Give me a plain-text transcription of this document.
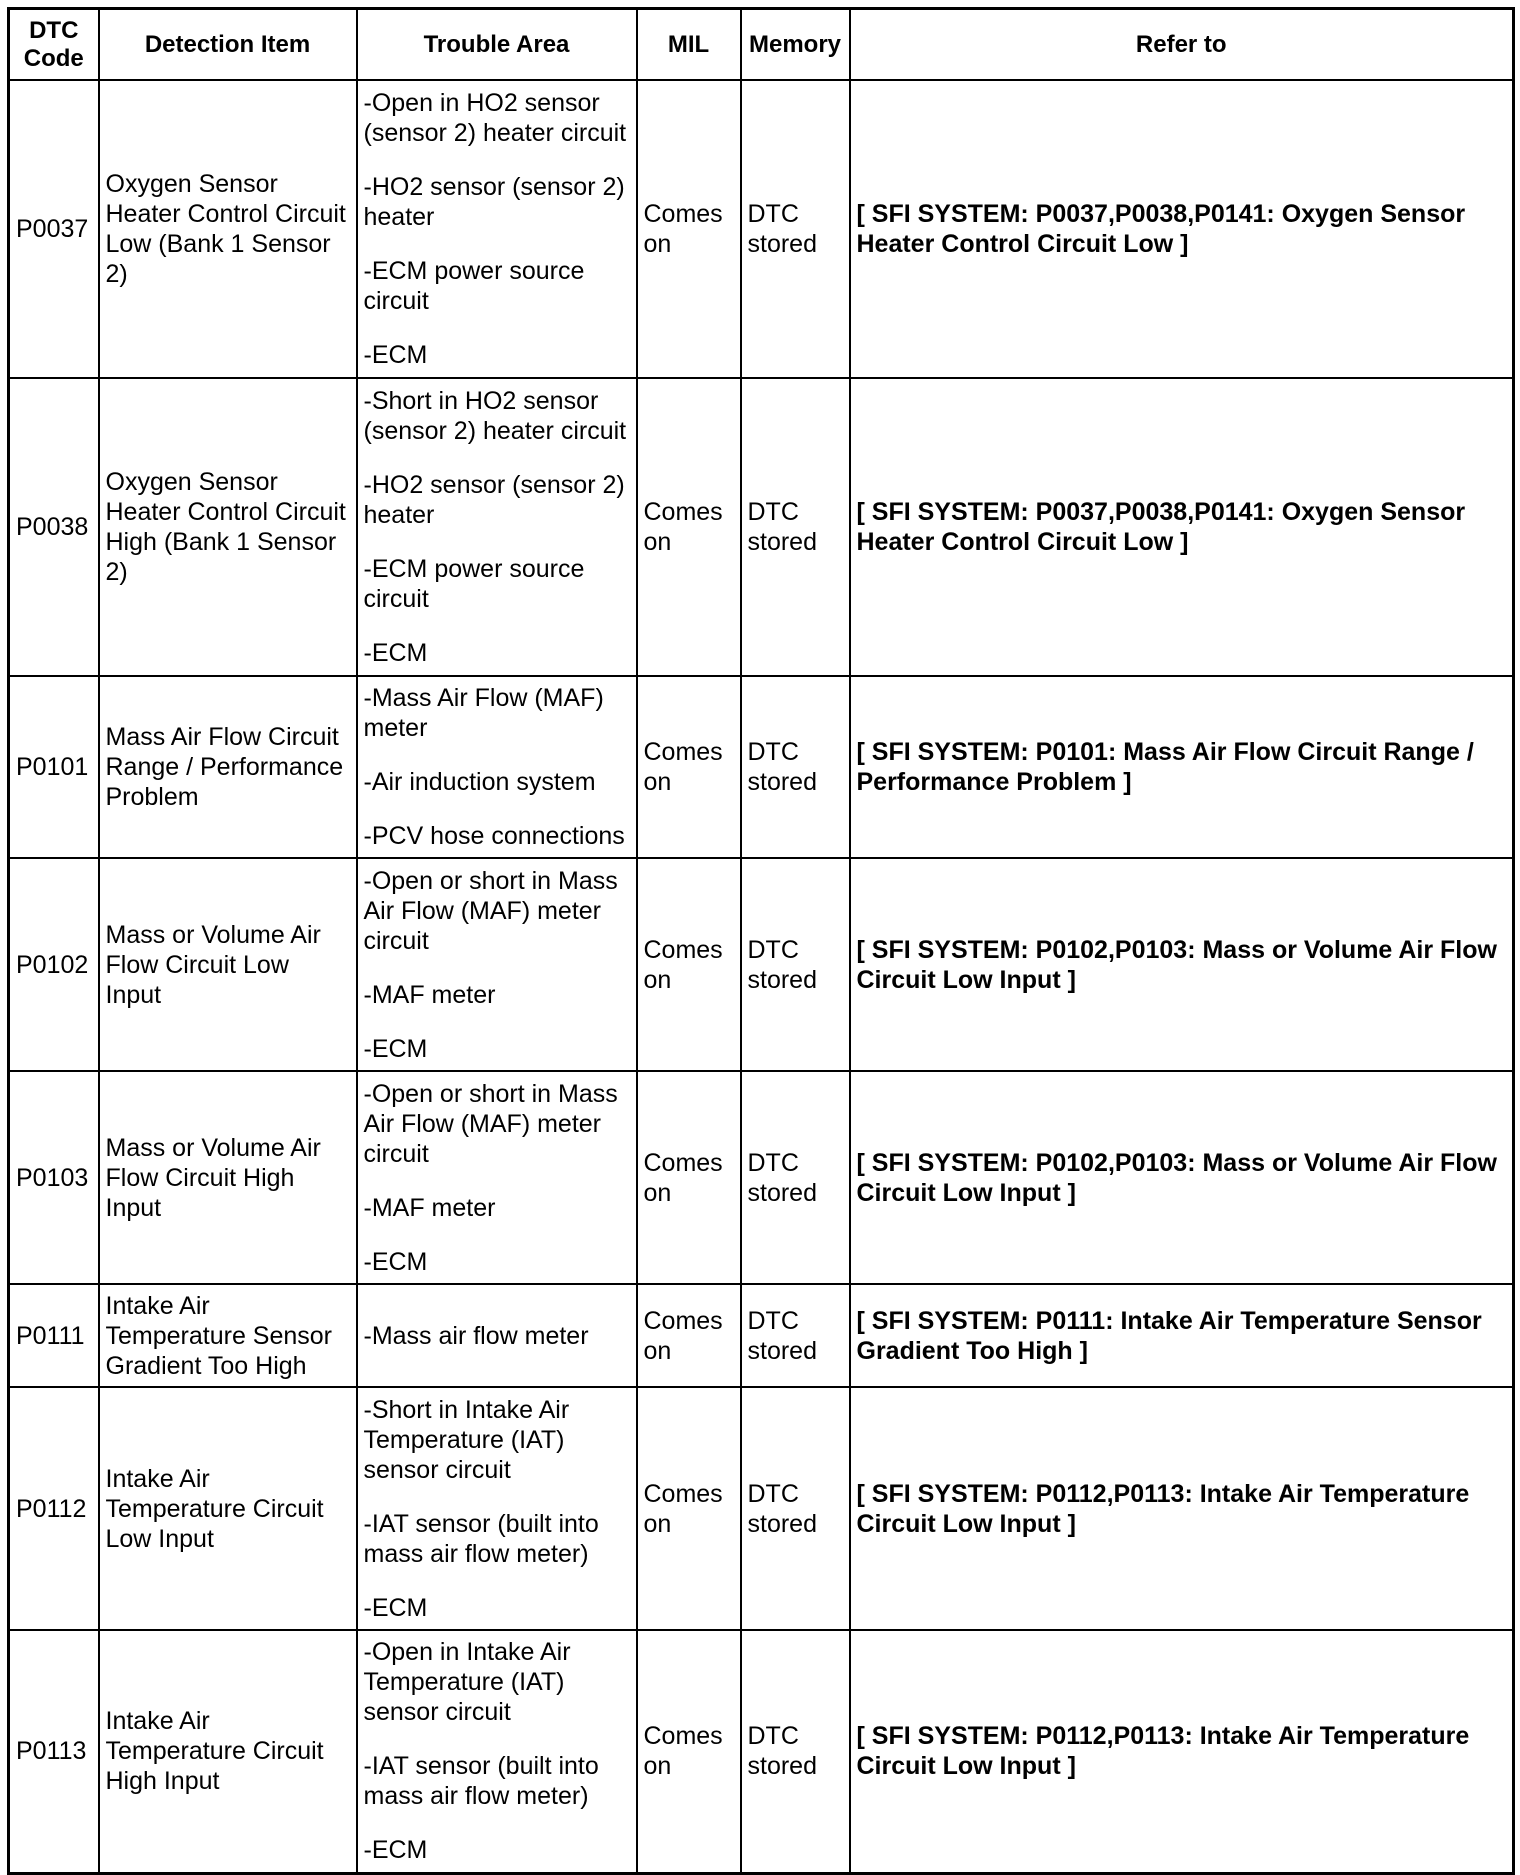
DTC Code	Detection Item	Trouble Area	MIL	Memory	Refer to
P0037	Oxygen Sensor Heater Control Circuit Low (Bank 1 Sensor 2)	-Open in HO2 sensor (sensor 2) heater circuit
-HO2 sensor (sensor 2) heater
-ECM power source circuit
-ECM	Comes on	DTC stored	[ SFI SYSTEM: P0037,P0038,P0141: Oxygen Sensor Heater Control Circuit Low ]
P0038	Oxygen Sensor Heater Control Circuit High (Bank 1 Sensor 2)	-Short in HO2 sensor (sensor 2) heater circuit
-HO2 sensor (sensor 2) heater
-ECM power source circuit
-ECM	Comes on	DTC stored	[ SFI SYSTEM: P0037,P0038,P0141: Oxygen Sensor Heater Control Circuit Low ]
P0101	Mass Air Flow Circuit Range / Performance Problem	-Mass Air Flow (MAF) meter
-Air induction system
-PCV hose connections	Comes on	DTC stored	[ SFI SYSTEM: P0101: Mass Air Flow Circuit Range / Performance Problem ]
P0102	Mass or Volume Air Flow Circuit Low Input	-Open or short in Mass Air Flow (MAF) meter circuit
-MAF meter
-ECM	Comes on	DTC stored	[ SFI SYSTEM: P0102,P0103: Mass or Volume Air Flow Circuit Low Input ]
P0103	Mass or Volume Air Flow Circuit High Input	-Open or short in Mass Air Flow (MAF) meter circuit
-MAF meter
-ECM	Comes on	DTC stored	[ SFI SYSTEM: P0102,P0103: Mass or Volume Air Flow Circuit Low Input ]
P0111	Intake Air Temperature Sensor Gradient Too High	-Mass air flow meter	Comes on	DTC stored	[ SFI SYSTEM: P0111: Intake Air Temperature Sensor Gradient Too High ]
P0112	Intake Air Temperature Circuit Low Input	-Short in Intake Air Temperature (IAT) sensor circuit
-IAT sensor (built into mass air flow meter)
-ECM	Comes on	DTC stored	[ SFI SYSTEM: P0112,P0113: Intake Air Temperature Circuit Low Input ]
P0113	Intake Air Temperature Circuit High Input	-Open in Intake Air Temperature (IAT) sensor circuit
-IAT sensor (built into mass air flow meter)
-ECM	Comes on	DTC stored	[ SFI SYSTEM: P0112,P0113: Intake Air Temperature Circuit Low Input ]
